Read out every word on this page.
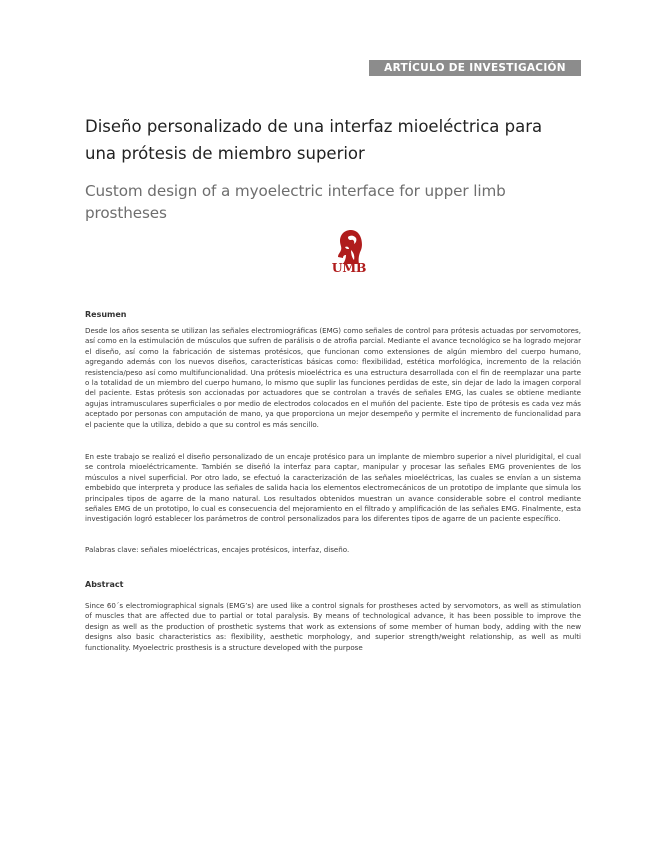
ARTÍCULO DE INVESTIGACIÓN
Diseño personalizado de una interfaz mioeléctrica para una prótesis de miembro superior
Custom design of a myoelectric interface for upper limb prostheses
UMB
Resumen

Desde los años sesenta se utilizan las señales electromiográficas (EMG) como señales de control para prótesis actuadas por servomotores, así como en la estimulación de músculos que sufren de parálisis o de atrofia parcial. Mediante el avance tecnológico se ha logrado mejorar el diseño, así como la fabricación de sistemas protésicos, que funcionan como extensiones de algún miembro del cuerpo humano, agregando además con los nuevos diseños, características básicas como: flexibilidad, estética morfológica, incremento de la relación resistencia/peso así como multifuncionalidad. Una prótesis mioeléctrica es una estructura desarrollada con el fin de reemplazar una parte o la totalidad de un miembro del cuerpo humano, lo mismo que suplir las funciones perdidas de este, sin dejar de lado la imagen corporal del paciente. Estas prótesis son accionadas por actuadores que se controlan a través de señales EMG, las cuales se obtiene mediante agujas intramusculares superficiales o por medio de electrodos colocados en el muñón del paciente. Este tipo de prótesis es cada vez más aceptado por personas con amputación de mano, ya que proporciona un mejor desempeño y permite el incremento de funcionalidad para el paciente que la utiliza, debido a que su control es más sencillo.

En este trabajo se realizó el diseño personalizado de un encaje protésico para un implante de miembro superior a nivel pluridigital, el cual se controla mioeléctricamente. También se diseñó la interfaz para captar, manipular y procesar las señales EMG provenientes de los músculos a nivel superficial. Por otro lado, se efectuó la caracterización de las señales mioeléctricas, las cuales se envían a un sistema embebido que interpreta y produce las señales de salida hacia los elementos electromecánicos de un prototipo de implante que simula los principales tipos de agarre de la mano natural. Los resultados obtenidos muestran un avance considerable sobre el control mediante señales EMG de un prototipo, lo cual es consecuencia del mejoramiento en el filtrado y amplificación de las señales EMG. Finalmente, esta investigación logró establecer los parámetros de control personalizados para los diferentes tipos de agarre de un paciente específico.

Palabras clave: señales mioeléctricas, encajes protésicos, interfaz, diseño.

Abstract

Since 60´s electromiographical signals (EMG’s) are used like a control signals for prostheses acted by servomotors, as well as stimulation of muscles that are affected due to partial or total paralysis. By means of technological advance, it has been possible to improve the design as well as the production of prosthetic systems that work as extensions of some member of human body, adding with the new designs also basic characteristics as: flexibility, aesthetic morphology, and superior strength/weight relationship, as well as multi functionality. Myoelectric prosthesis is a structure developed with the purpose
